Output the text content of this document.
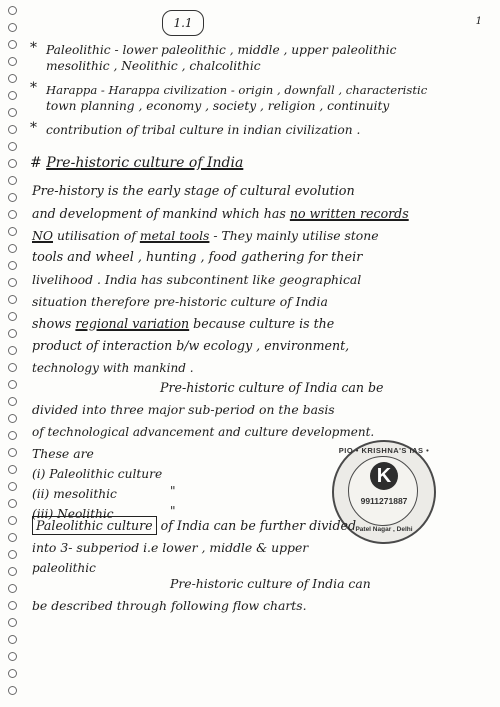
1.1	1
* Paleolithic - lower paleolithic , middle , upper paleolithic
mesolithic , Neolithic , chalcolithic
* Harappa - Harappa civilization - origin , downfall , characteristic
town planning , economy , society , religion , continuity
* contribution of tribal culture in indian civilization .
# Pre-historic culture of India
Pre-history is the early stage of cultural evolution
and development of mankind which has no written records
NO utilisation of metal tools - They mainly utilise stone
tools and wheel , hunting , food gathering for their
livelihood . India has subcontinent like geographical
situation therefore pre-historic culture of India
shows regional variation because culture is the
product of interaction b/w ecology , environment,
technology with mankind .
Pre-historic culture of India can be
divided into three major sub-period on the basis
of technological advancement and culture development.
These are
(i) Paleolithic culture
(ii) mesolithic	"
(iii) Neolithic	"
PIO • KRISHNA'S IAS •
K
9911271887
Patel Nagar , Delhi
Paleolithic culture of India can be further divided
into 3- subperiod i.e lower , middle & upper
paleolithic
Pre-historic culture of India can
be described through following flow charts.
